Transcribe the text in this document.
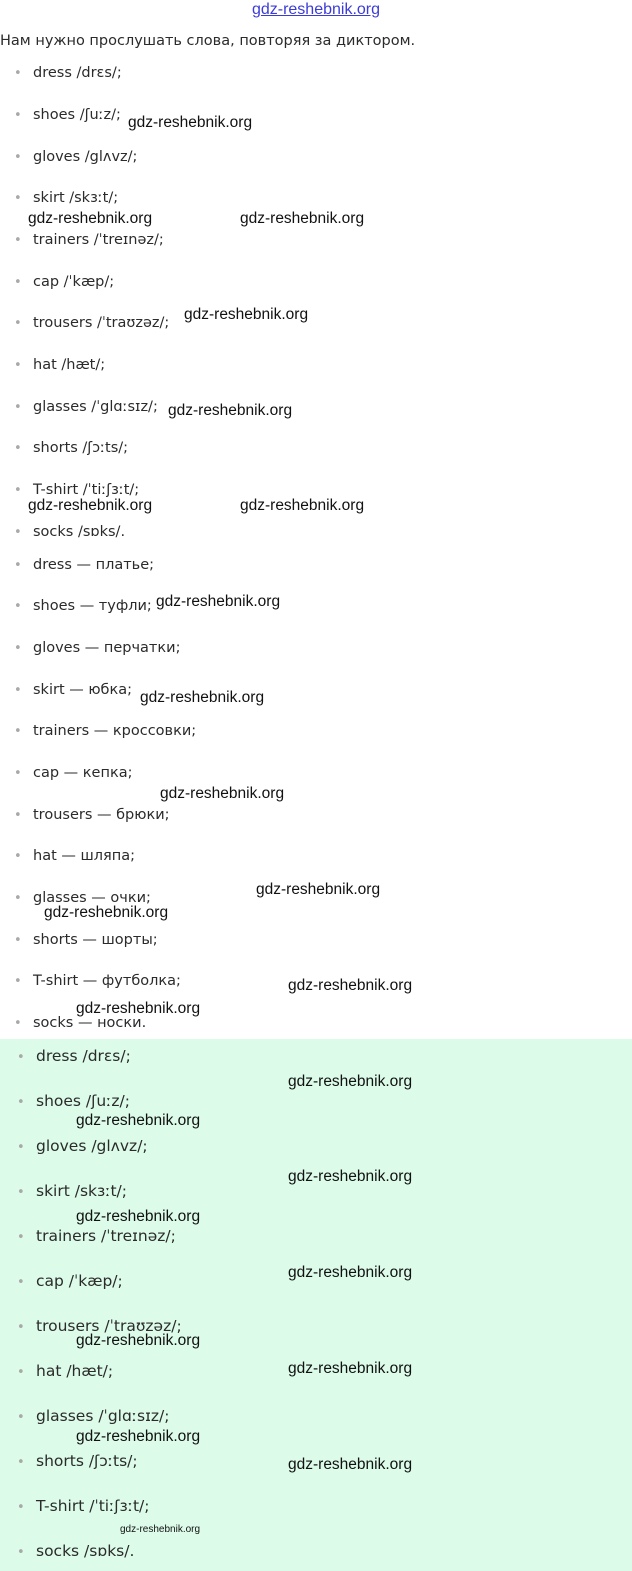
gdz-reshebnik.org
Нам нужно прослушать слова, повторяя за диктором.
• dress /drɛs/;
• shoes /ʃuːz/;
• gloves /glʌvz/;
• skirt /skɜːt/;
• trainers /ˈtreɪnəz/;
• cap /ˈkæp/;
• trousers /ˈtraʊzəz/;
• hat /hæt/;
• glasses /ˈglɑːsɪz/;
• shorts /ʃɔːts/;
• T-shirt /ˈtiːʃɜːt/;
• socks /sɒks/.
• dress — платье;
• shoes — туфли;
• gloves — перчатки;
• skirt — юбка;
• trainers — кроссовки;
• cap — кепка;
• trousers — брюки;
• hat — шляпа;
• glasses — очки;
• shorts — шорты;
• T-shirt — футболка;
• socks — носки.
• dress /drɛs/;
• shoes /ʃuːz/;
• gloves /glʌvz/;
• skirt /skɜːt/;
• trainers /ˈtreɪnəz/;
• cap /ˈkæp/;
• trousers /ˈtraʊzəz/;
• hat /hæt/;
• glasses /ˈglɑːsɪz/;
• shorts /ʃɔːts/;
• T-shirt /ˈtiːʃɜːt/;
• socks /sɒks/.
gdz-reshebnik.org
gdz-reshebnik.org	gdz-reshebnik.org
gdz-reshebnik.org
gdz-reshebnik.org
gdz-reshebnik.org	gdz-reshebnik.org
gdz-reshebnik.org
gdz-reshebnik.org
gdz-reshebnik.org
gdz-reshebnik.org
gdz-reshebnik.org
gdz-reshebnik.org
gdz-reshebnik.org
gdz-reshebnik.org
gdz-reshebnik.org
gdz-reshebnik.org
gdz-reshebnik.org
gdz-reshebnik.org
gdz-reshebnik.org
gdz-reshebnik.org
gdz-reshebnik.org
gdz-reshebnik.org
gdz-reshebnik.org
